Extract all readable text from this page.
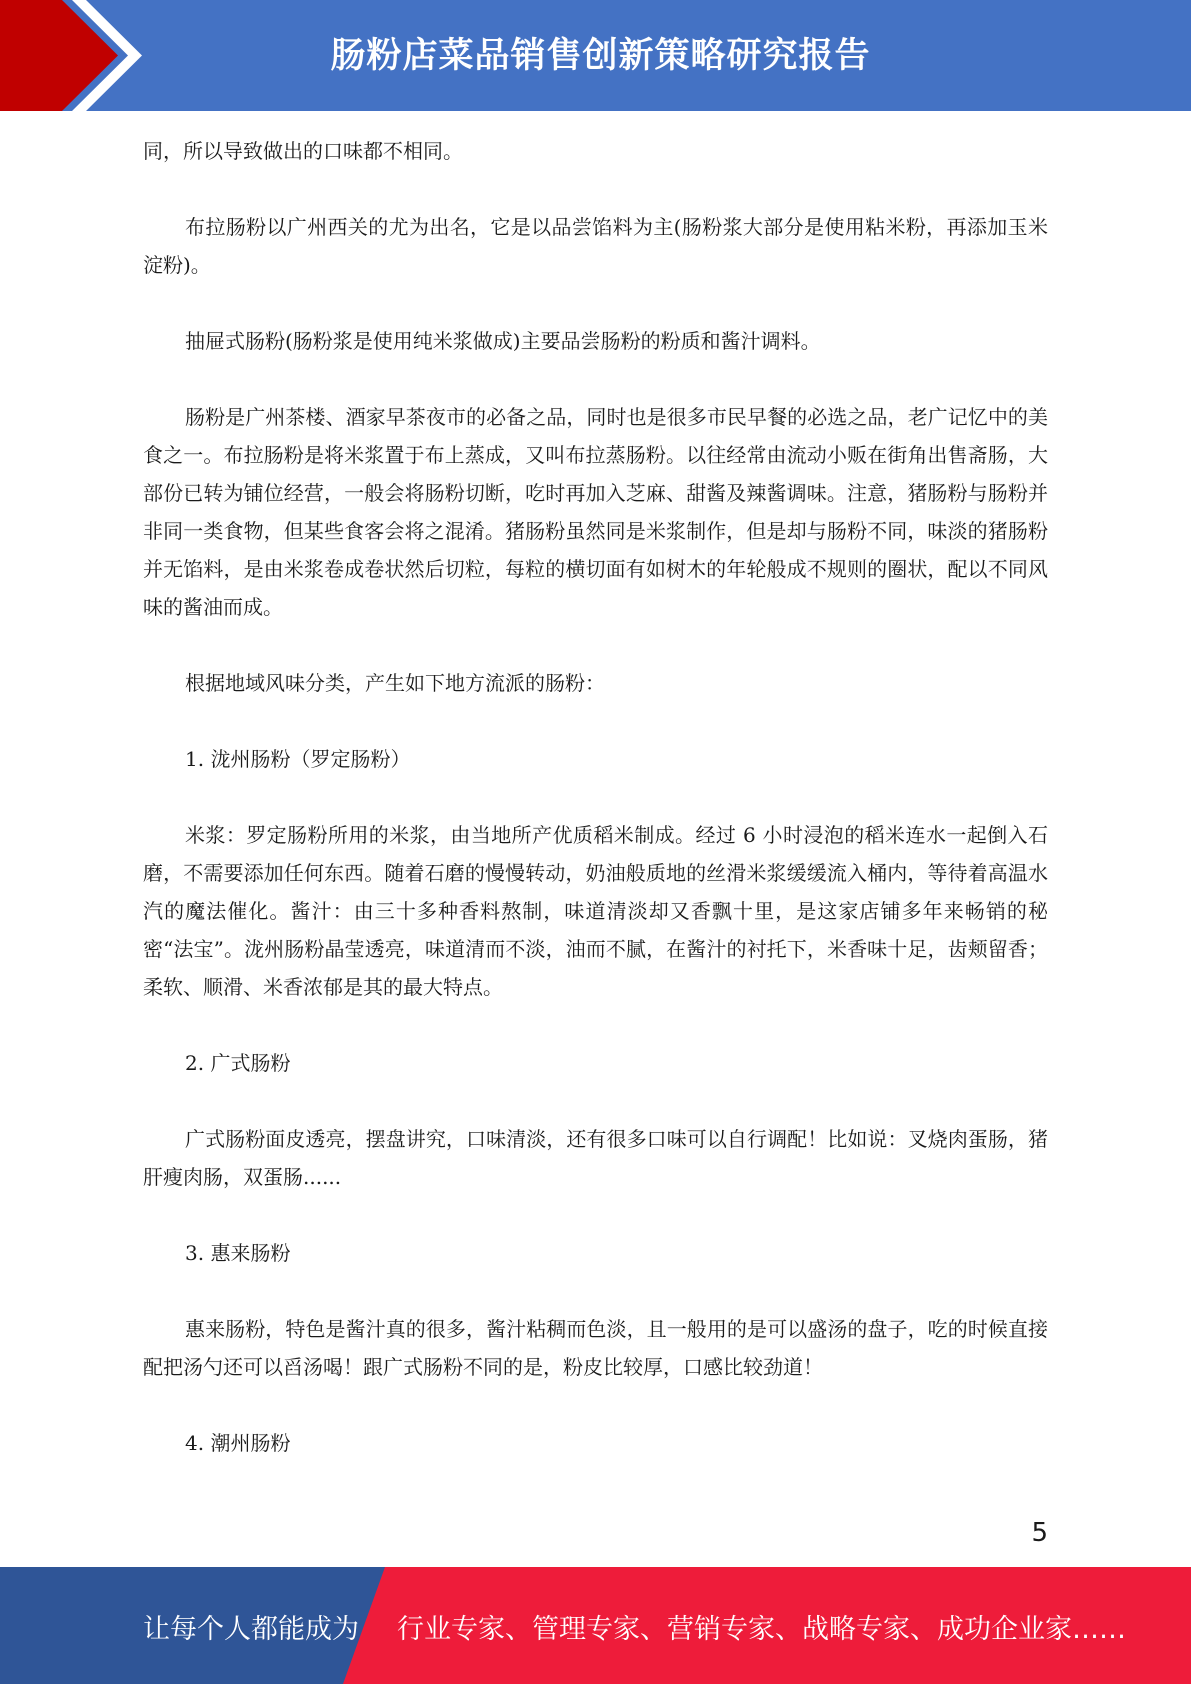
肠粉店菜品销售创新策略研究报告

同，所以导致做出的口味都不相同。

布拉肠粉以广州西关的尤为出名，它是以品尝馅料为主(肠粉浆大部分是使用粘米粉，再添加玉米淀粉)。

抽屉式肠粉(肠粉浆是使用纯米浆做成)主要品尝肠粉的粉质和酱汁调料。

肠粉是广州茶楼、酒家早茶夜市的必备之品，同时也是很多市民早餐的必选之品，老广记忆中的美食之一。布拉肠粉是将米浆置于布上蒸成，又叫布拉蒸肠粉。以往经常由流动小贩在街角出售斋肠，大部份已转为铺位经营，一般会将肠粉切断，吃时再加入芝麻、甜酱及辣酱调味。注意，猪肠粉与肠粉并非同一类食物，但某些食客会将之混淆。猪肠粉虽然同是米浆制作，但是却与肠粉不同，味淡的猪肠粉并无馅料，是由米浆卷成卷状然后切粒，每粒的横切面有如树木的年轮般成不规则的圈状，配以不同风味的酱油而成。

根据地域风味分类，产生如下地方流派的肠粉：

1. 泷州肠粉（罗定肠粉）

米浆：罗定肠粉所用的米浆，由当地所产优质稻米制成。经过 6 小时浸泡的稻米连水一起倒入石磨，不需要添加任何东西。随着石磨的慢慢转动，奶油般质地的丝滑米浆缓缓流入桶内，等待着高温水汽的魔法催化。酱汁：由三十多种香料熬制，味道清淡却又香飘十里，是这家店铺多年来畅销的秘密“法宝”。泷州肠粉晶莹透亮，味道清而不淡，油而不腻，在酱汁的衬托下，米香味十足，齿颊留香；柔软、顺滑、米香浓郁是其的最大特点。

2. 广式肠粉

广式肠粉面皮透亮，摆盘讲究，口味清淡，还有很多口味可以自行调配！比如说：叉烧肉蛋肠，猪肝瘦肉肠，双蛋肠......

3. 惠来肠粉

惠来肠粉，特色是酱汁真的很多，酱汁粘稠而色淡，且一般用的是可以盛汤的盘子，吃的时候直接配把汤勺还可以舀汤喝！跟广式肠粉不同的是，粉皮比较厚，口感比较劲道！

4. 潮州肠粉

5
让每个人都能成为 行业专家、管理专家、营销专家、战略专家、成功企业家……
